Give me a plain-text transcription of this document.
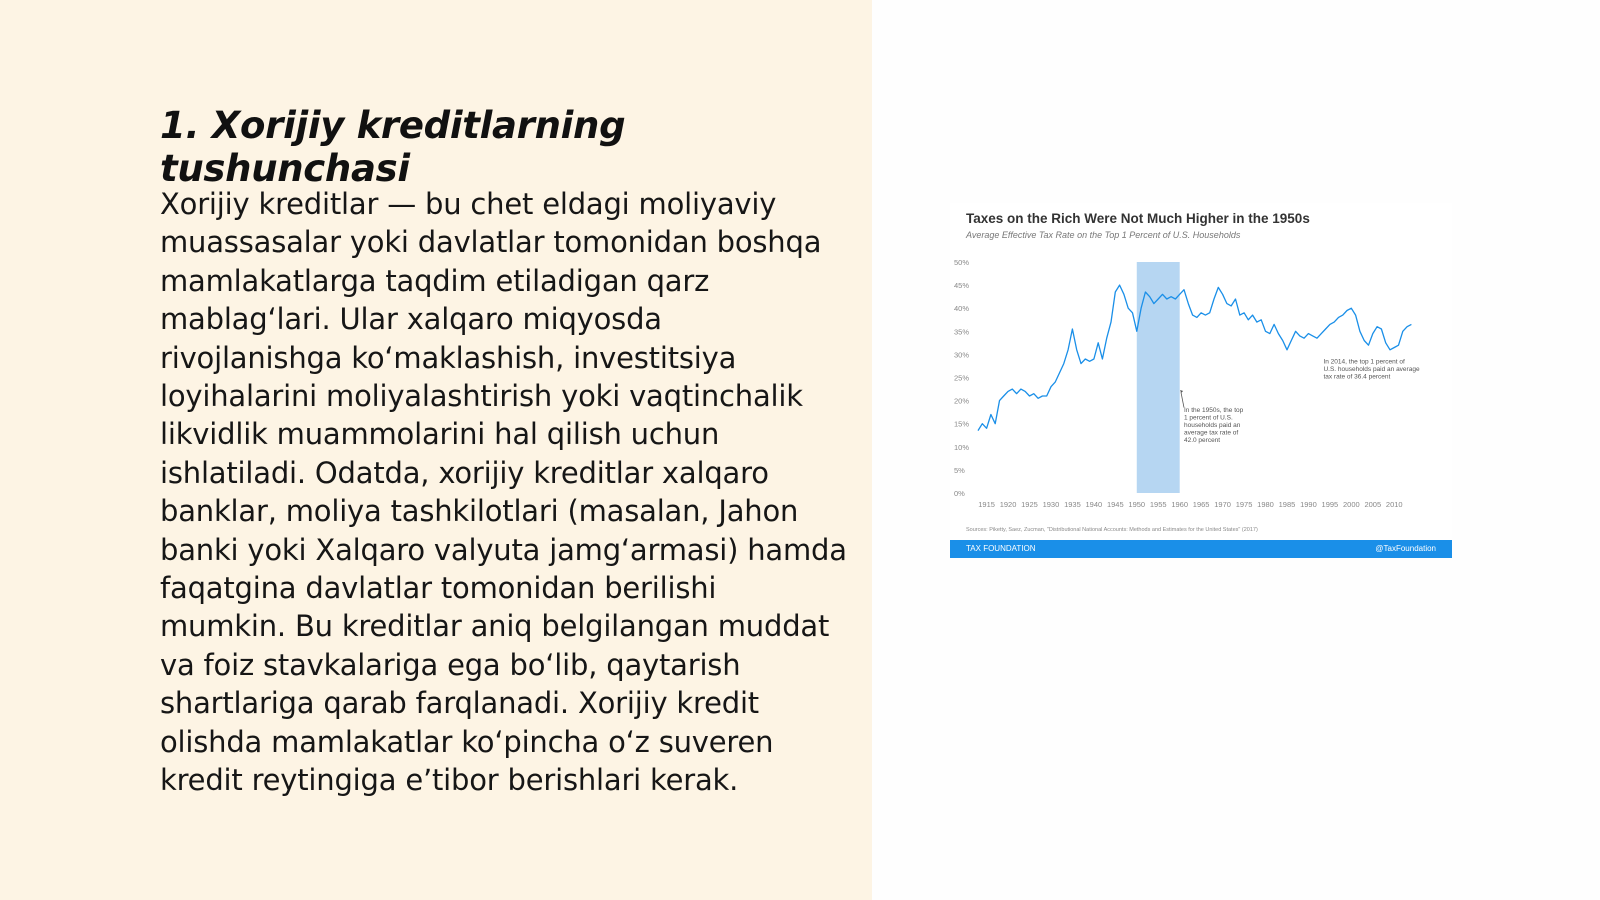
1. Xorijiy kreditlarning tushunchasi

Xorijiy kreditlar — bu chet eldagi moliyaviy muassasalar yoki davlatlar tomonidan boshqa mamlakatlarga taqdim etiladigan qarz mablag‘lari. Ular xalqaro miqyosda rivojlanishga ko‘maklashish, investitsiya loyihalarini moliyalashtirish yoki vaqtinchalik likvidlik muammolarini hal qilish uchun ishlatiladi. Odatda, xorijiy kreditlar xalqaro banklar, moliya tashkilotlari (masalan, Jahon banki yoki Xalqaro valyuta jamg‘armasi) hamda faqatgina davlatlar tomonidan berilishi mumkin. Bu kreditlar aniq belgilangan muddat va foiz stavkalariga ega bo‘lib, qaytarish shartlariga qarab farqlanadi. Xorijiy kredit olishda mamlakatlar ko‘pincha o‘z suveren kredit reytingiga e’tibor berishlari kerak.

Taxes on the Rich Were Not Much Higher in the 1950s

Average Effective Tax Rate on the Top 1 Percent of U.S. Households

0%
5%
10%
15%
20%
25%
30%
35%
40%
45%
50%
1915 1920 1925 1930 1935 1940 1945 1950 1955 1960 1965 1970 1975 1980 1985 1990 1995 2000 2005 2010
In 2014, the top 1 percent of
U.S. households paid an average
tax rate of 36.4 percent
In the 1950s, the top
1 percent of U.S.
households paid an
average tax rate of
42.0 percent
Sources: Piketty, Saez, Zucman, "Distributional National Accounts: Methods and Estimates for the United States" (2017)
TAX FOUNDATION	@TaxFoundation
